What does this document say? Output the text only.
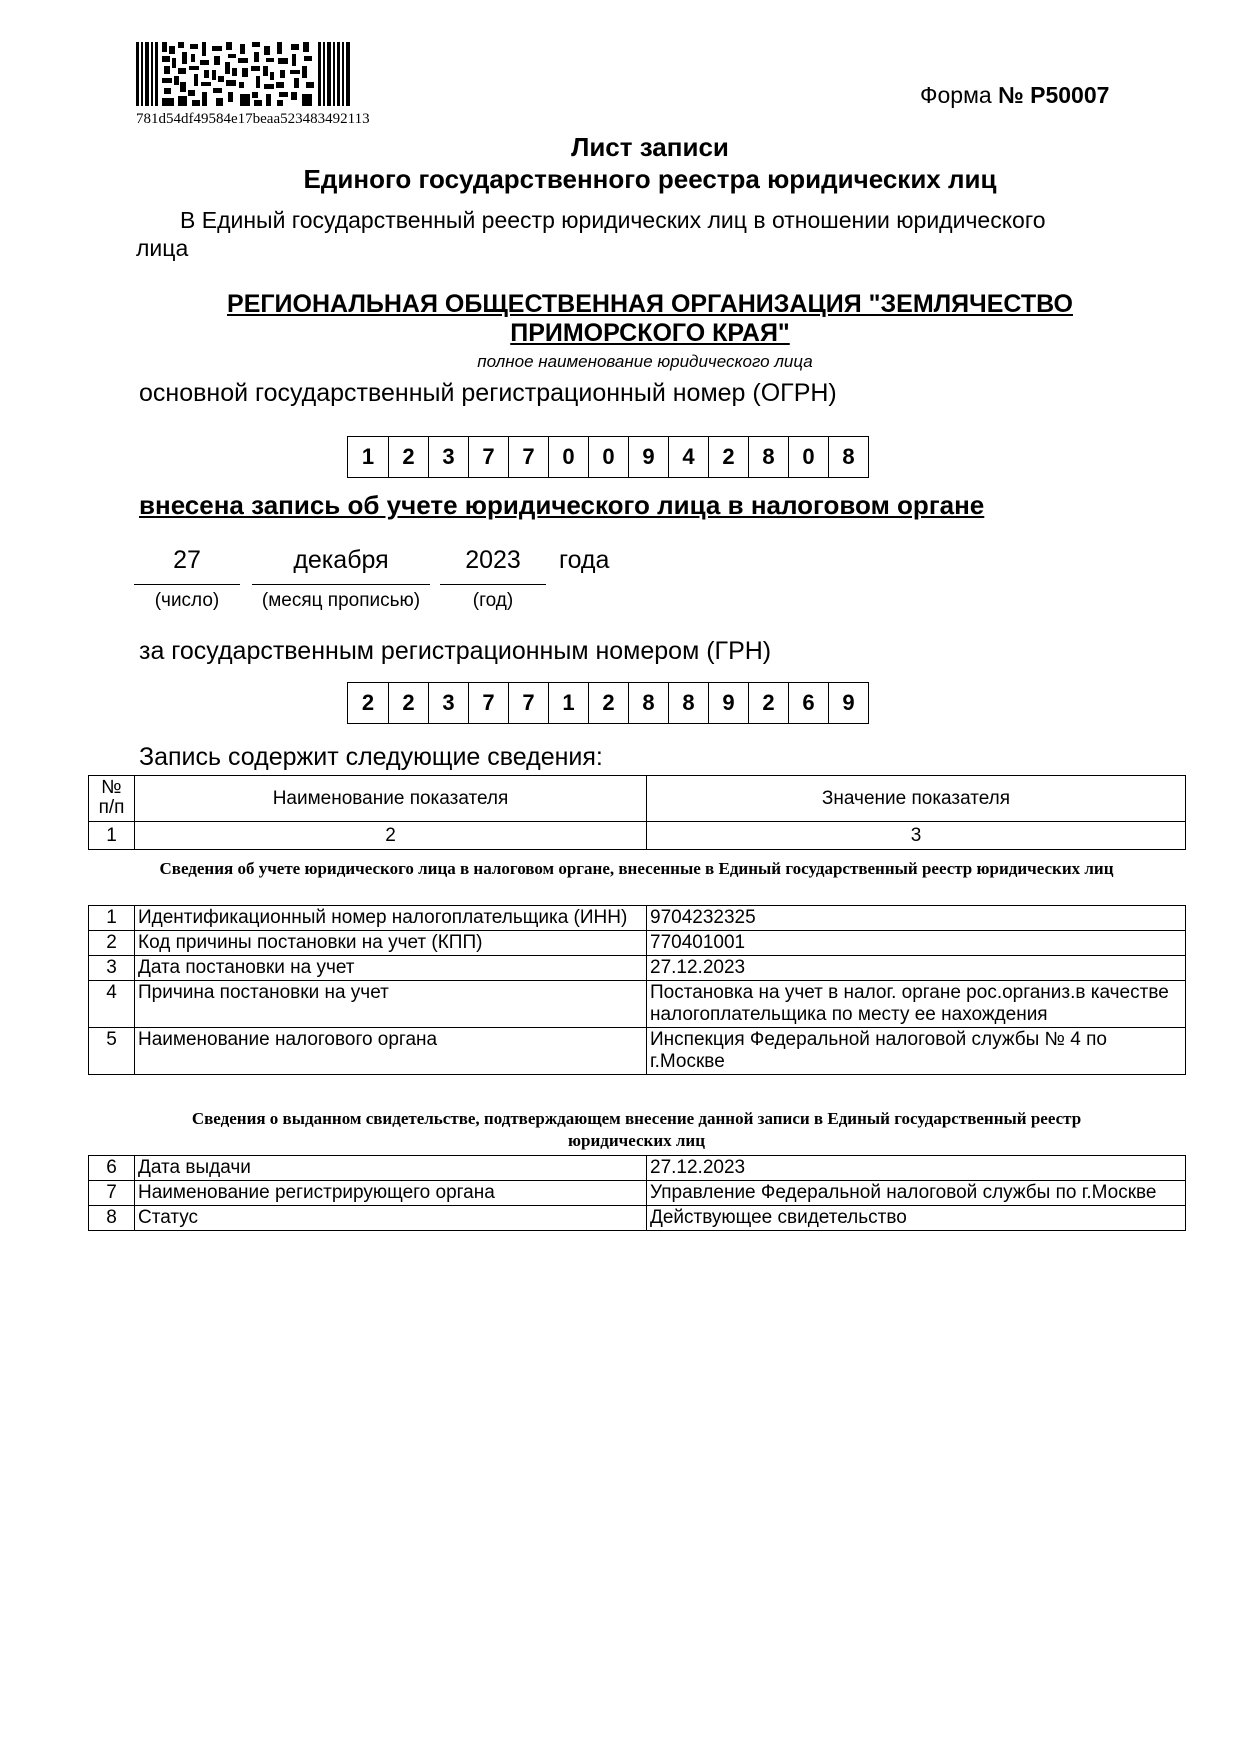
781d54df49584e17beaa523483492113
Форма № Р50007
Лист записи
Единого государственного реестра юридических лиц
В Единый государственный реестр юридических лиц в отношении юридического лица
РЕГИОНАЛЬНАЯ ОБЩЕСТВЕННАЯ ОРГАНИЗАЦИЯ "ЗЕМЛЯЧЕСТВО
ПРИМОРСКОГО КРАЯ"
полное наименование юридического лица
основной государственный регистрационный номер (ОГРН)
1	2	3	7	7	0	0	9	4	2	8	0	8
внесена запись об учете юридического лица в налоговом органе
27	декабря	2023	года
(число)	(месяц прописью)	(год)
за государственным регистрационным номером (ГРН)
2	2	3	7	7	1	2	8	8	9	2	6	9
Запись содержит следующие сведения:
№ п/п	Наименование показателя	Значение показателя
1	2	3
Сведения об учете юридического лица в налоговом органе, внесенные в Единый государственный реестр юридических лиц
1	Идентификационный номер налогоплательщика (ИНН)	9704232325
2	Код причины постановки на учет (КПП)	770401001
3	Дата постановки на учет	27.12.2023
4	Причина постановки на учет	Постановка на учет в налог. органе рос.организ.в качестве налогоплательщика по месту ее нахождения
5	Наименование налогового органа	Инспекция Федеральной налоговой службы № 4 по г.Москве
Сведения о выданном свидетельстве, подтверждающем внесение данной записи в Единый государственный реестр юридических лиц
6	Дата выдачи	27.12.2023
7	Наименование регистрирующего органа	Управление Федеральной налоговой службы по г.Москве
8	Статус	Действующее свидетельство
